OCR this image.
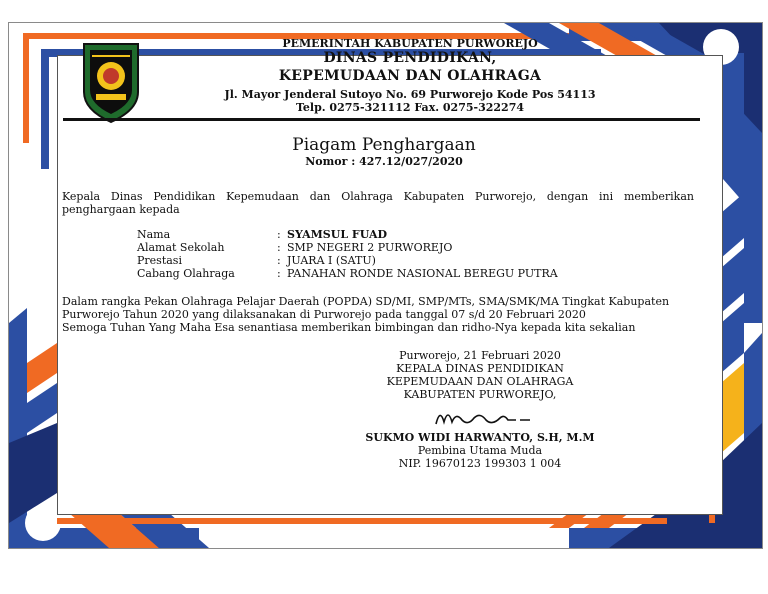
PEMERINTAH KABUPATEN PURWOREJO
DINAS PENDIDIKAN,
KEPEMUDAAN DAN OLAHRAGA
Jl. Mayor Jenderal Sutoyo No. 69 Purworejo Kode Pos 54113
Telp. 0275-321112 Fax. 0275-322274
Piagam Penghargaan
Nomor : 427.12/027/2020
Kepala Dinas Pendidikan Kepemudaan dan Olahraga Kabupaten Purworejo, dengan ini memberikan penghargaan kepada
Nama	: SYAMSUL FUAD
Alamat Sekolah	: SMP NEGERI 2 PURWOREJO
Prestasi	: JUARA I (SATU)
Cabang Olahraga	: PANAHAN RONDE NASIONAL BEREGU PUTRA
Dalam rangka Pekan Olahraga Pelajar Daerah (POPDA) SD/MI, SMP/MTs, SMA/SMK/MA Tingkat Kabupaten
Purworejo Tahun 2020 yang dilaksanakan di Purworejo pada tanggal 07 s/d 20 Februari 2020
Semoga Tuhan Yang Maha Esa senantiasa memberikan bimbingan dan ridho-Nya kepada kita sekalian
Purworejo, 21 Februari 2020
KEPALA DINAS PENDIDIKAN
KEPEMUDAAN DAN OLAHRAGA
KABUPATEN PURWOREJO,
SUKMO WIDI HARWANTO, S.H, M.M
Pembina Utama Muda
NIP. 19670123 199303 1 004
